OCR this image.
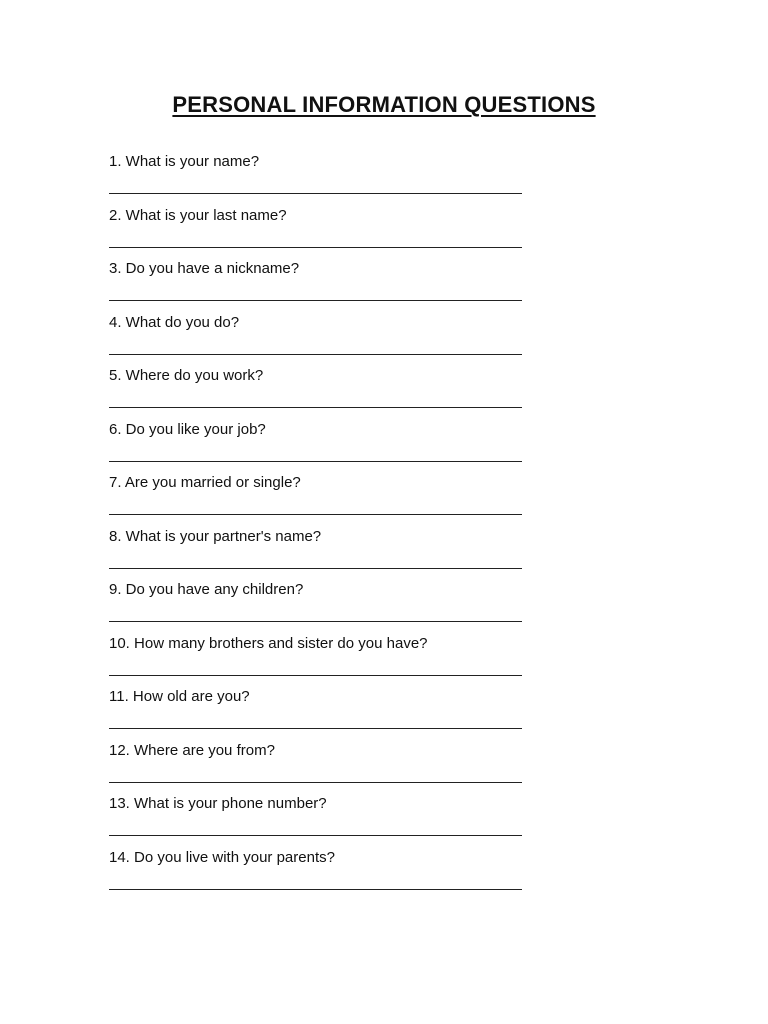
PERSONAL INFORMATION QUESTIONS
1. What is your name?
2. What is your last name?
3. Do you have a nickname?
4. What do you do?
5. Where do you work?
6. Do you like your job?
7. Are you married or single?
8. What is your partner's name?
9. Do you have any children?
10. How many brothers and sister do you have?
11. How old are you?
12. Where are you from?
13. What is your phone number?
14. Do you live with your parents?
